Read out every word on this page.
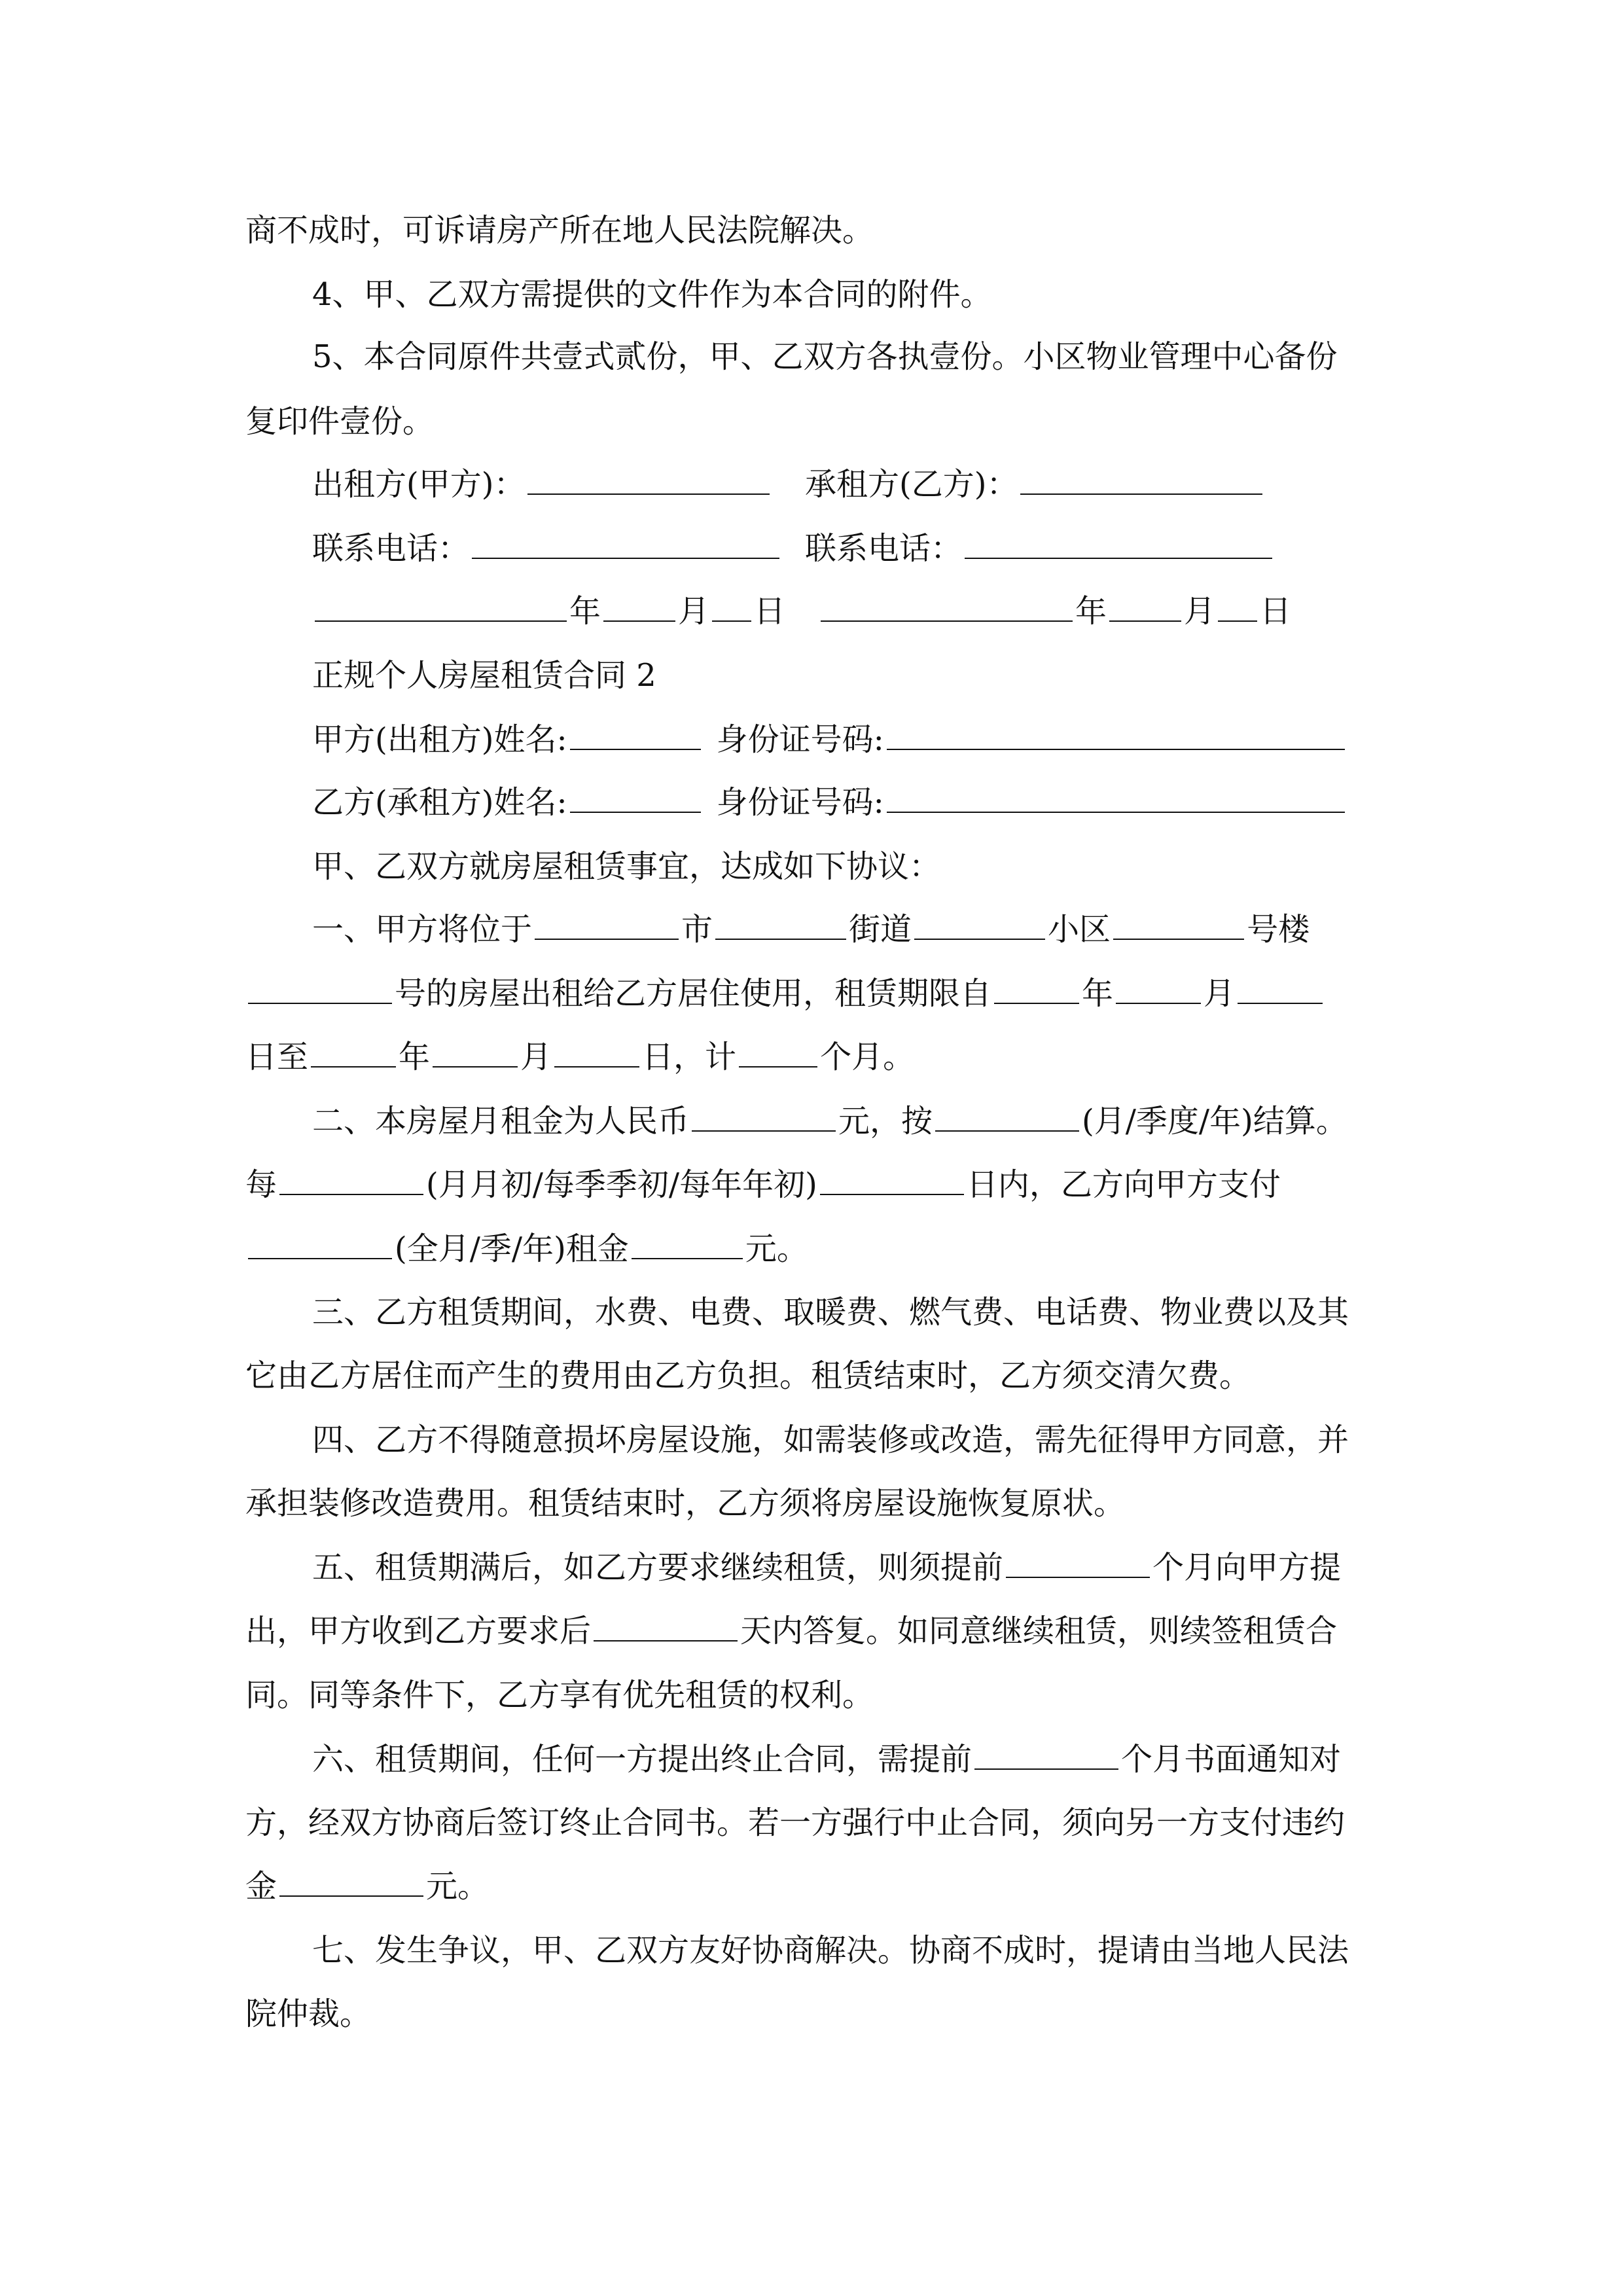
商不成时，可诉请房产所在地人民法院解决。
4、甲、乙双方需提供的文件作为本合同的附件。
5、本合同原件共壹式贰份，甲、乙双方各执壹份。小区物业管理中心备份
复印件壹份。
出租方(甲方)：	承租方(乙方)：
联系电话：	联系电话：
年 月 日	年 月 日
正规个人房屋租赁合同 2
甲方(出租方)姓名:	身份证号码:
乙方(承租方)姓名:	身份证号码:
甲、乙双方就房屋租赁事宜，达成如下协议：
一、甲方将位于	市	街道	小区	号楼
号的房屋出租给乙方居住使用，租赁期限自	年	月
日至	年	月	日，计	个月。
二、本房屋月租金为人民币	元，按	(月/季度/年)结算。
每	(月月初/每季季初/每年年初)	日内，乙方向甲方支付
(全月/季/年)租金	元。
三、乙方租赁期间，水费、电费、取暖费、燃气费、电话费、物业费以及其
它由乙方居住而产生的费用由乙方负担。租赁结束时，乙方须交清欠费。
四、乙方不得随意损坏房屋设施，如需装修或改造，需先征得甲方同意，并
承担装修改造费用。租赁结束时，乙方须将房屋设施恢复原状。
五、租赁期满后，如乙方要求继续租赁，则须提前	个月向甲方提
出，甲方收到乙方要求后	天内答复。如同意继续租赁，则续签租赁合
同。同等条件下，乙方享有优先租赁的权利。
六、租赁期间，任何一方提出终止合同，需提前	个月书面通知对
方，经双方协商后签订终止合同书。若一方强行中止合同，须向另一方支付违约
金	元。
七、发生争议，甲、乙双方友好协商解决。协商不成时，提请由当地人民法
院仲裁。
